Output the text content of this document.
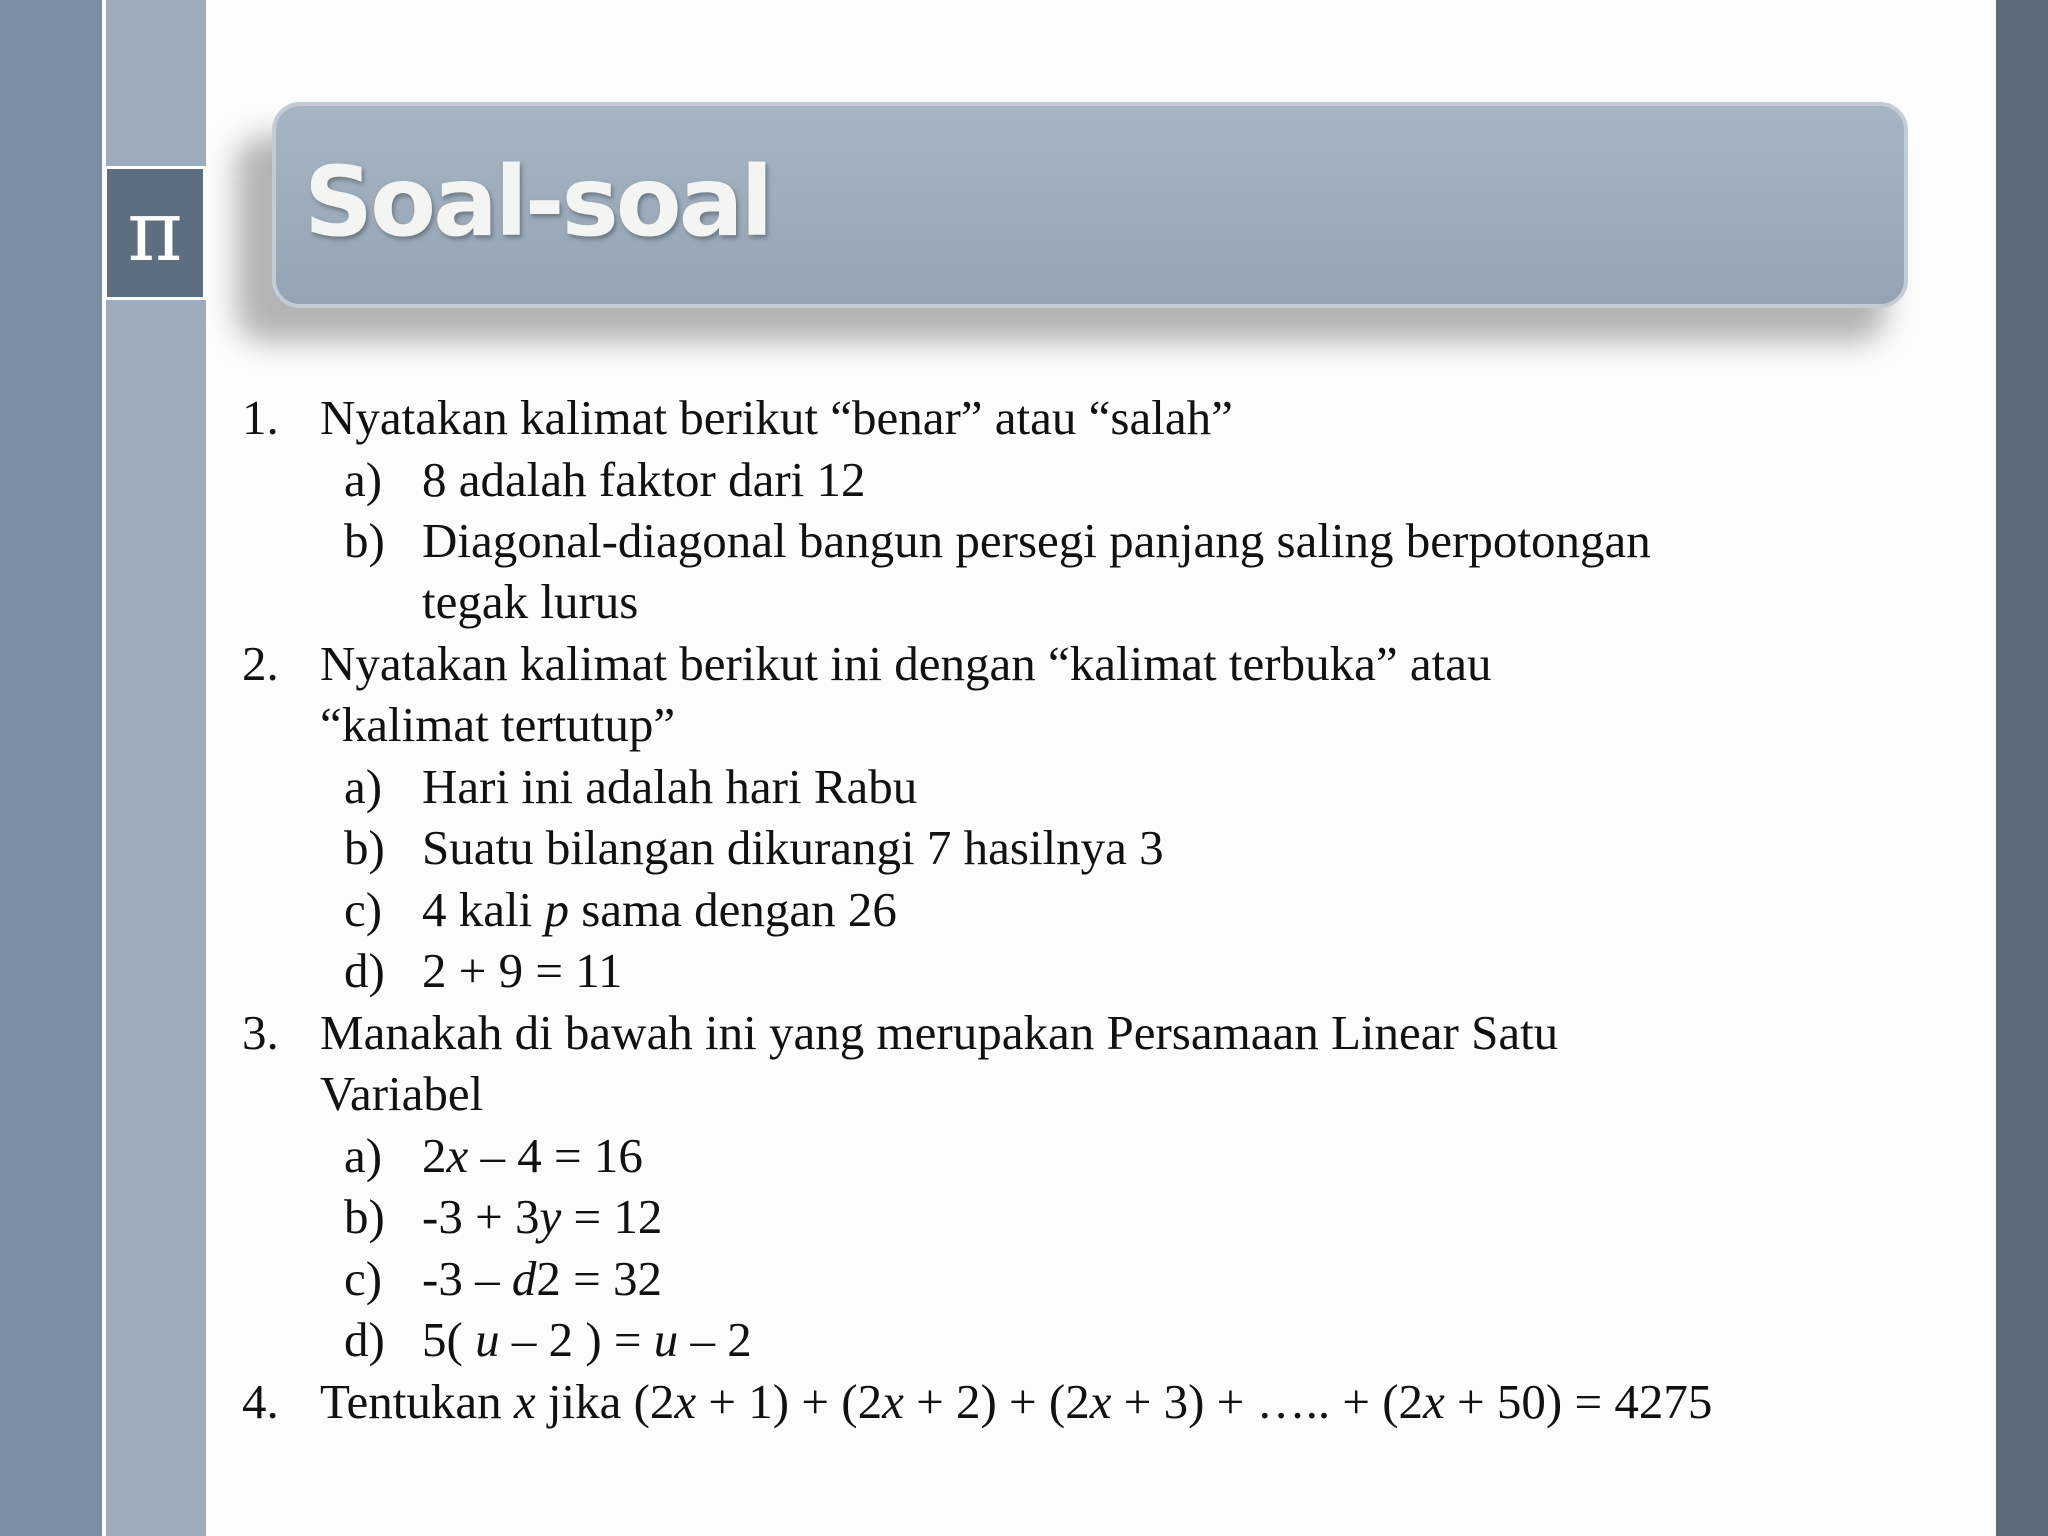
π Soal-soal
1. Nyatakan kalimat berikut “benar” atau “salah”
a) 8 adalah faktor dari 12
b) Diagonal-diagonal bangun persegi panjang saling berpotongan
tegak lurus
2. Nyatakan kalimat berikut ini dengan “kalimat terbuka” atau
“kalimat tertutup”
a) Hari ini adalah hari Rabu
b) Suatu bilangan dikurangi 7 hasilnya 3
c) 4 kali p sama dengan 26
d) 2 + 9 = 11
3. Manakah di bawah ini yang merupakan Persamaan Linear Satu
Variabel
a) 2x – 4 = 16
b) -3 + 3y = 12
c) -3 – d2 = 32
d) 5( u – 2 ) = u – 2
4. Tentukan x jika (2x + 1) + (2x + 2) + (2x + 3) + ….. + (2x + 50) = 4275
